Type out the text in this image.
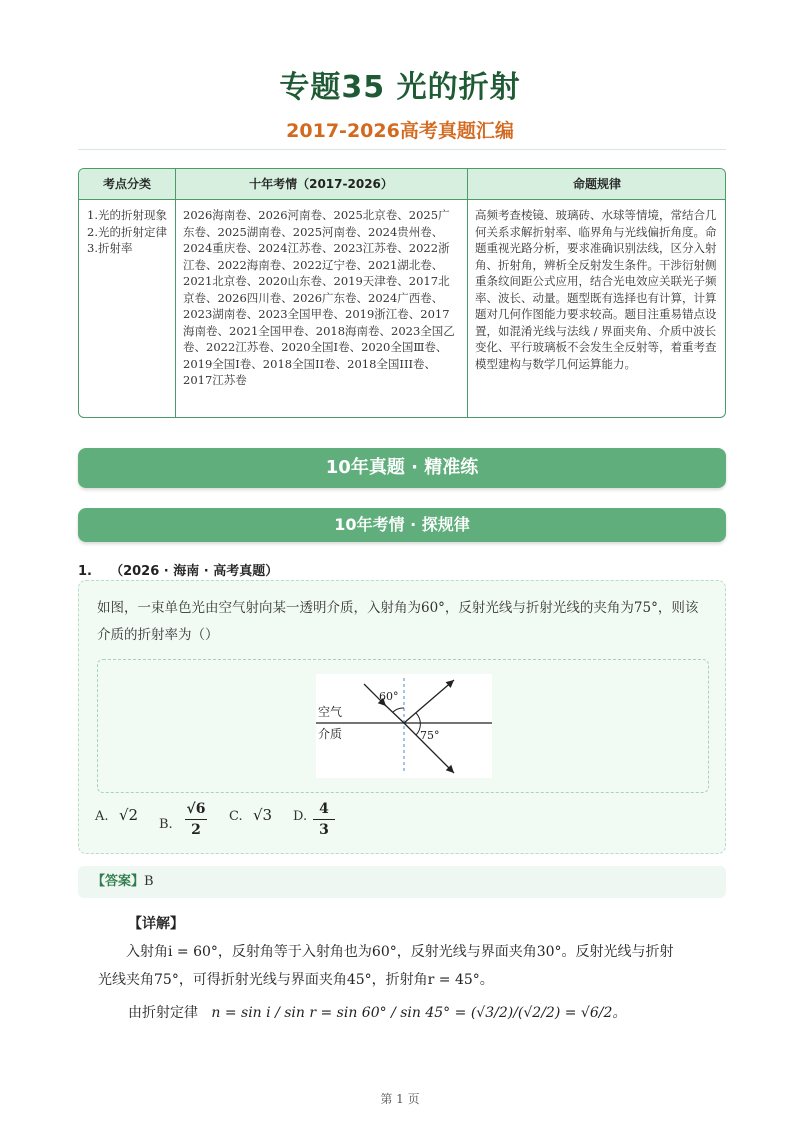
专题35 光的折射
2017-2026高考真题汇编
考点分类	十年考情（2017-2026）	命题规律
1.光的折射现象
2.光的折射定律
3.折射率
2026海南卷、2026河南卷、2025北京卷、2025广东卷、2025湖南卷、2025河南卷、2024贵州卷、2024重庆卷、2024江苏卷、2023江苏卷、2022浙江卷、2022海南卷、2022辽宁卷、2021湖北卷、2021北京卷、2020山东卷、2019天津卷、2017北京卷、2026四川卷、2026广东卷、2024广西卷、2023湖南卷、2023全国甲卷、2019浙江卷、2017海南卷、2021全国甲卷、2018海南卷、2023全国乙卷、2022江苏卷、2020全国Ⅰ卷、2020全国Ⅲ卷、2019全国Ⅰ卷、2018全国II卷、2018全国III卷、2017江苏卷
高频考查棱镜、玻璃砖、水球等情境，常结合几何关系求解折射率、临界角与光线偏折角度。命题重视光路分析，要求准确识别法线，区分入射角、折射角，辨析全反射发生条件。干涉衍射侧重条纹间距公式应用，结合光电效应关联光子频率、波长、动量。题型既有选择也有计算，计算题对几何作图能力要求较高。题目注重易错点设置，如混淆光线与法线 / 界面夹角、介质中波长变化、平行玻璃板不会发生全反射等，着重考查模型建构与数学几何运算能力。
10年真题 · 精准练
10年考情 · 探规律
1. （2026 · 海南 · 高考真题）
如图，一束单色光由空气射向某一透明介质，入射角为60°，反射光线与折射光线的夹角为75°，则该介质的折射率为（）
60°
75°
空气
介质
A. √2
B.
√6
2
C. √3 D. 4
3
【答案】B
【详解】
入射角i = 60°，反射角等于入射角也为60°，反射光线与界面夹角30°。反射光线与折射
光线夹角75°，可得折射光线与界面夹角45°，折射角r = 45°。
由折射定律 n = sin i / sin r = sin 60° / sin 45° = (√3/2)/(√2/2) = √6/2。
第 1 页
